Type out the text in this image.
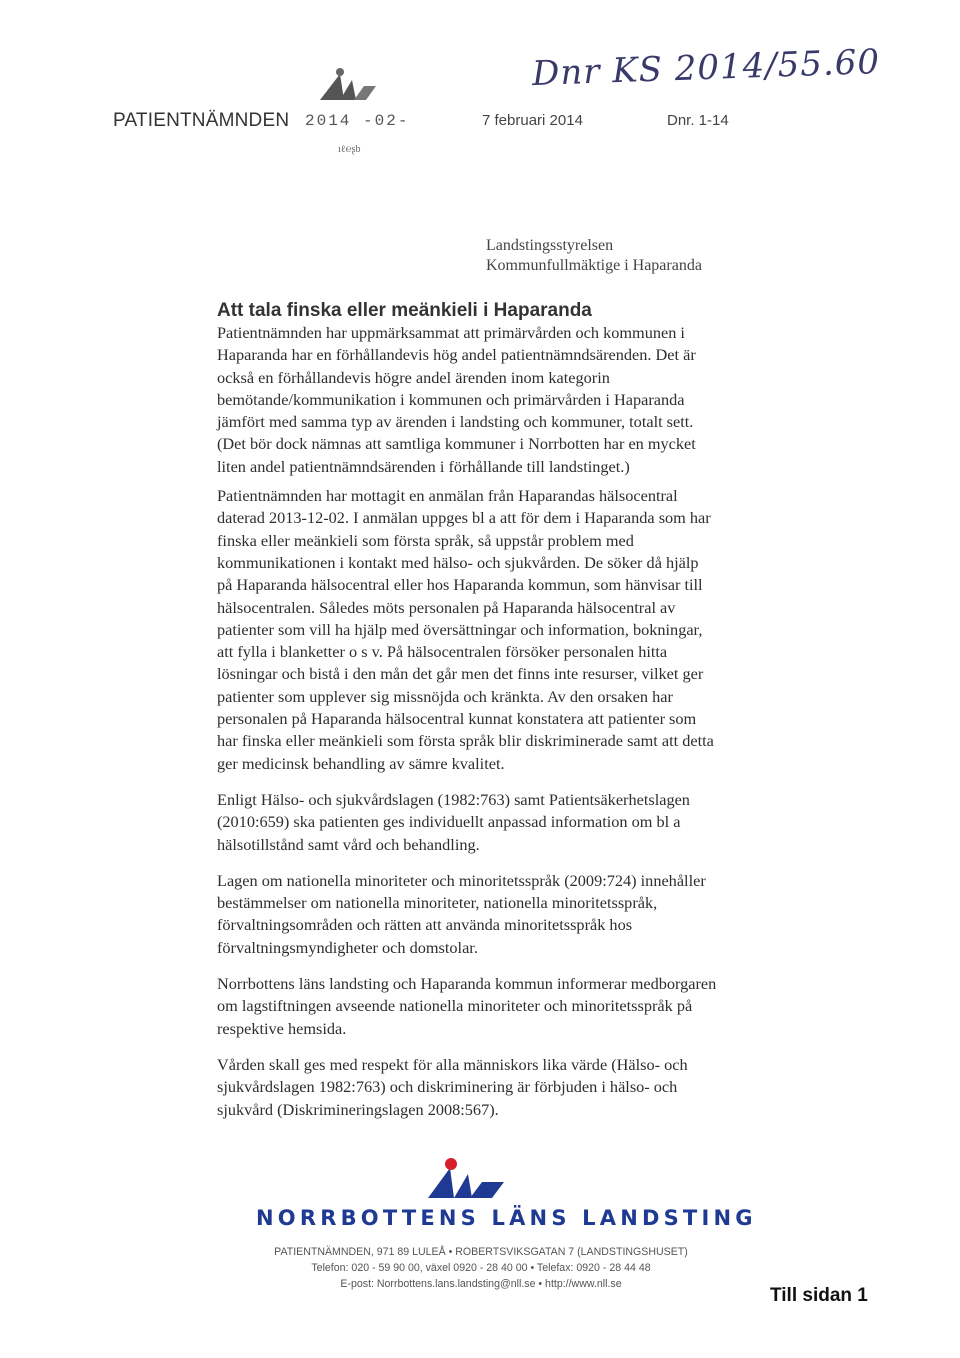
PATIENTNÄMNDEN 2014 -02-
ıℓ℮ʂb
7 februari 2014	Dnr. 1-14
Dnr KS 2014/55.60
Landstingsstyrelsen
Kommunfullmäktige i Haparanda
Att tala finska eller meänkieli i Haparanda

Patientnämnden har uppmärksammat att primärvården och kommunen i Haparanda har en förhållandevis hög andel patientnämndsärenden. Det är också en förhållandevis högre andel ärenden inom kategorin bemötande/kommunikation i kommunen och primärvården i Haparanda jämfört med samma typ av ärenden i landsting och kommuner, totalt sett. (Det bör dock nämnas att samtliga kommuner i Norrbotten har en mycket liten andel patientnämndsärenden i förhållande till landstinget.)

Patientnämnden har mottagit en anmälan från Haparandas hälsocentral daterad 2013-12-02. I anmälan uppges bl a att för dem i Haparanda som har finska eller meänkieli som första språk, så uppstår problem med kommunikationen i kontakt med hälso- och sjukvården. De söker då hjälp på Haparanda hälsocentral eller hos Haparanda kommun, som hänvisar till hälsocentralen. Således möts personalen på Haparanda hälsocentral av patienter som vill ha hjälp med översättningar och information, bokningar, att fylla i blanketter o s v. På hälsocentralen försöker personalen hitta lösningar och bistå i den mån det går men det finns inte resurser, vilket ger patienter som upplever sig missnöjda och kränkta. Av den orsaken har personalen på Haparanda hälsocentral kunnat konstatera att patienter som har finska eller meänkieli som första språk blir diskriminerade samt att detta ger medicinsk behandling av sämre kvalitet.

Enligt Hälso- och sjukvårdslagen (1982:763) samt Patientsäkerhetslagen (2010:659) ska patienten ges individuellt anpassad information om bl a hälsotillstånd samt vård och behandling.

Lagen om nationella minoriteter och minoritetsspråk (2009:724) innehåller bestämmelser om nationella minoriteter, nationella minoritetsspråk, förvaltningsområden och rätten att använda minoritetsspråk hos förvaltningsmyndigheter och domstolar.

Norrbottens läns landsting och Haparanda kommun informerar medborgaren om lagstiftningen avseende nationella minoriteter och minoritetsspråk på respektive hemsida.

Vården skall ges med respekt för alla människors lika värde (Hälso- och sjukvårdslagen 1982:763) och diskriminering är förbjuden i hälso- och sjukvård (Diskrimineringslagen 2008:567).

NORRBOTTENS LÄNS LANDSTING
PATIENTNÄMNDEN, 971 89 LULEÅ • ROBERTSVIKSGATAN 7 (LANDSTINGSHUSET)
Telefon: 020 - 59 90 00, växel 0920 - 28 40 00 • Telefax: 0920 - 28 44 48
E-post: Norrbottens.lans.landsting@nll.se • http://www.nll.se
Till sidan 1
